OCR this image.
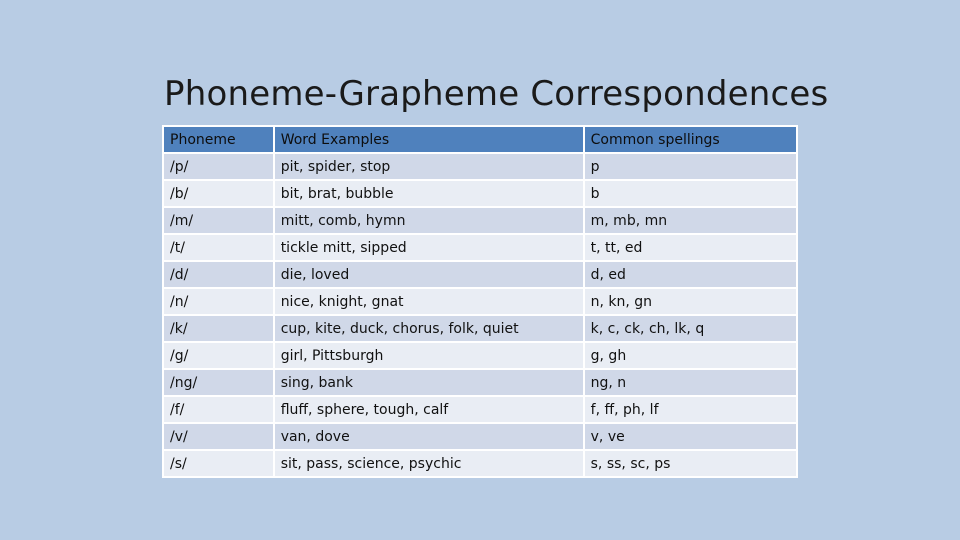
Phoneme-Grapheme Correspondences
Phoneme	Word Examples	Common spellings
/p/	pit, spider, stop	p
/b/	bit, brat, bubble	b
/m/	mitt, comb, hymn	m, mb, mn
/t/	tickle mitt, sipped	t, tt, ed
/d/	die, loved	d, ed
/n/	nice, knight, gnat	n, kn, gn
/k/	cup, kite, duck, chorus, folk, quiet	k, c, ck, ch, lk, q
/g/	girl, Pittsburgh	g, gh
/ng/	sing, bank	ng, n
/f/	fluff, sphere, tough, calf	f, ff, ph, lf
/v/	van, dove	v, ve
/s/	sit, pass, science, psychic	s, ss, sc, ps
